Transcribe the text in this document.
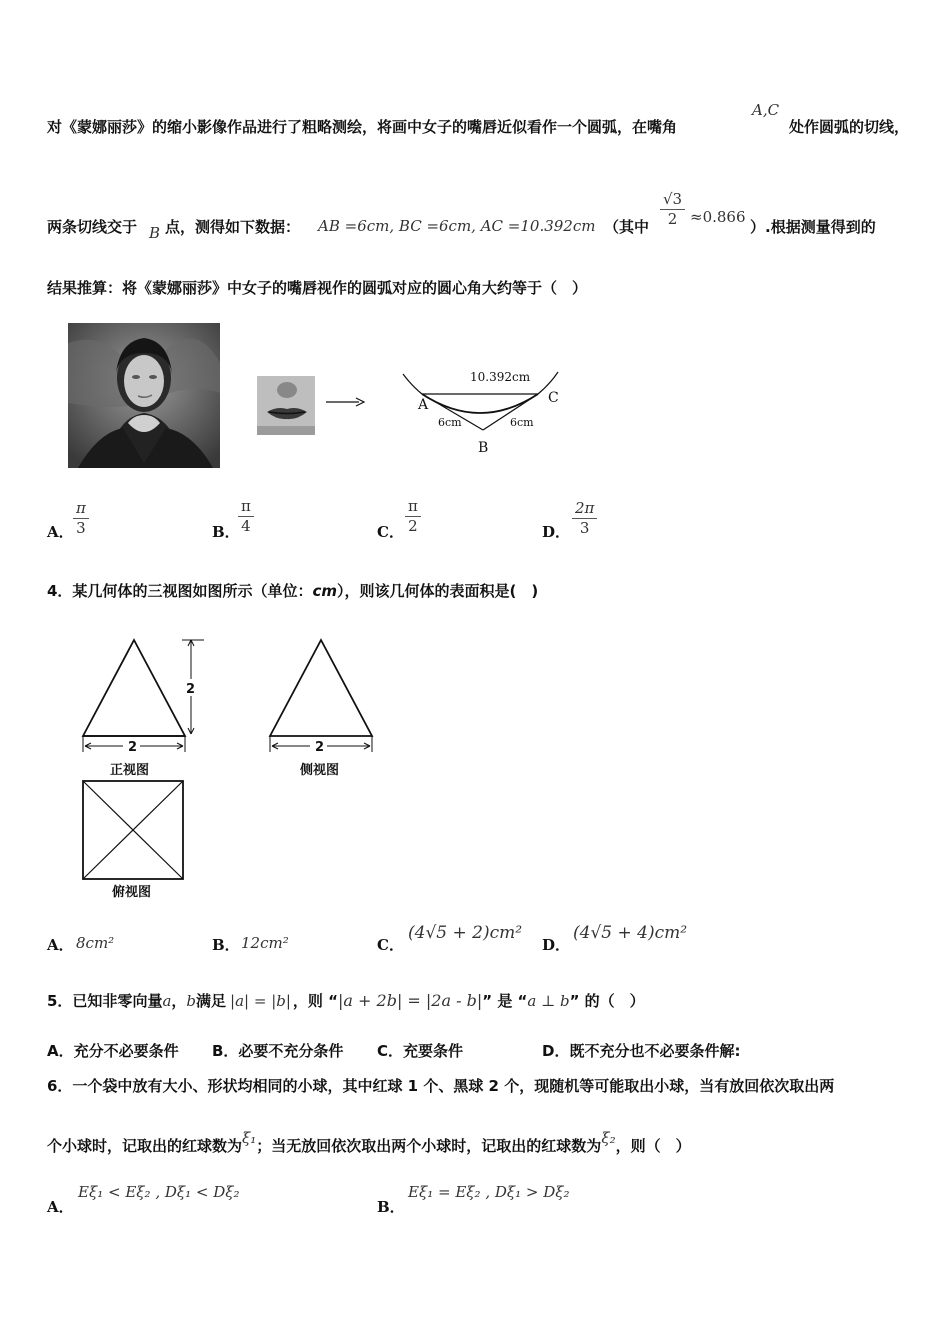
对《蒙娜丽莎》的缩小影像作品进行了粗略测绘，将画中女子的嘴唇近似看作一个圆弧，在嘴角
A,C
处作圆弧的切线，
两条切线交于 B 点，测得如下数据： AB =6cm, BC =6cm, AC =10.392cm （其中 $\frac{√3}{2} \approx 0.866$
）.根据测量得到的
结果推算：将《蒙娜丽莎》中女子的嘴唇视作的圆弧对应的圆心角大约等于（　）
10.392cm
A	C
6cm	6cm
B
A． $\frac{\pi}{3}$	B．
$\frac{\pi}{4}$	C． $\frac{\pi}{2}$	D． $\frac{2\pi}{3}$
4．某几何体的三视图如图所示（单位：cm），则该几何体的表面积是(　)
2
2
正视图
2
侧视图
俯视图
A． 8cm²	B． 12cm²	C．
(4√5 + 2)cm²
D．
(4√5 + 4)cm²
5．已知非零向量a，b满足 |a| = |b| ，则 “|a + 2b| = |2a - b|” 是 “a ⊥ b” 的（　）
A．充分不必要条件 B．必要不充分条件 C．充要条件	D．既不充分也不必要条件解:
6．一个袋中放有大小、形状均相同的小球，其中红球 1 个、黑球 2 个，现随机等可能取出小球，当有放回依次取出两
个小球时，记取出的红球数为ξ₁；当无放回依次取出两个小球时，记取出的红球数为ξ₂，则（　）
A．
Eξ₁ < Eξ₂ , Dξ₁ < Dξ₂
B．
Eξ₁ = Eξ₂ , Dξ₁ > Dξ₂
